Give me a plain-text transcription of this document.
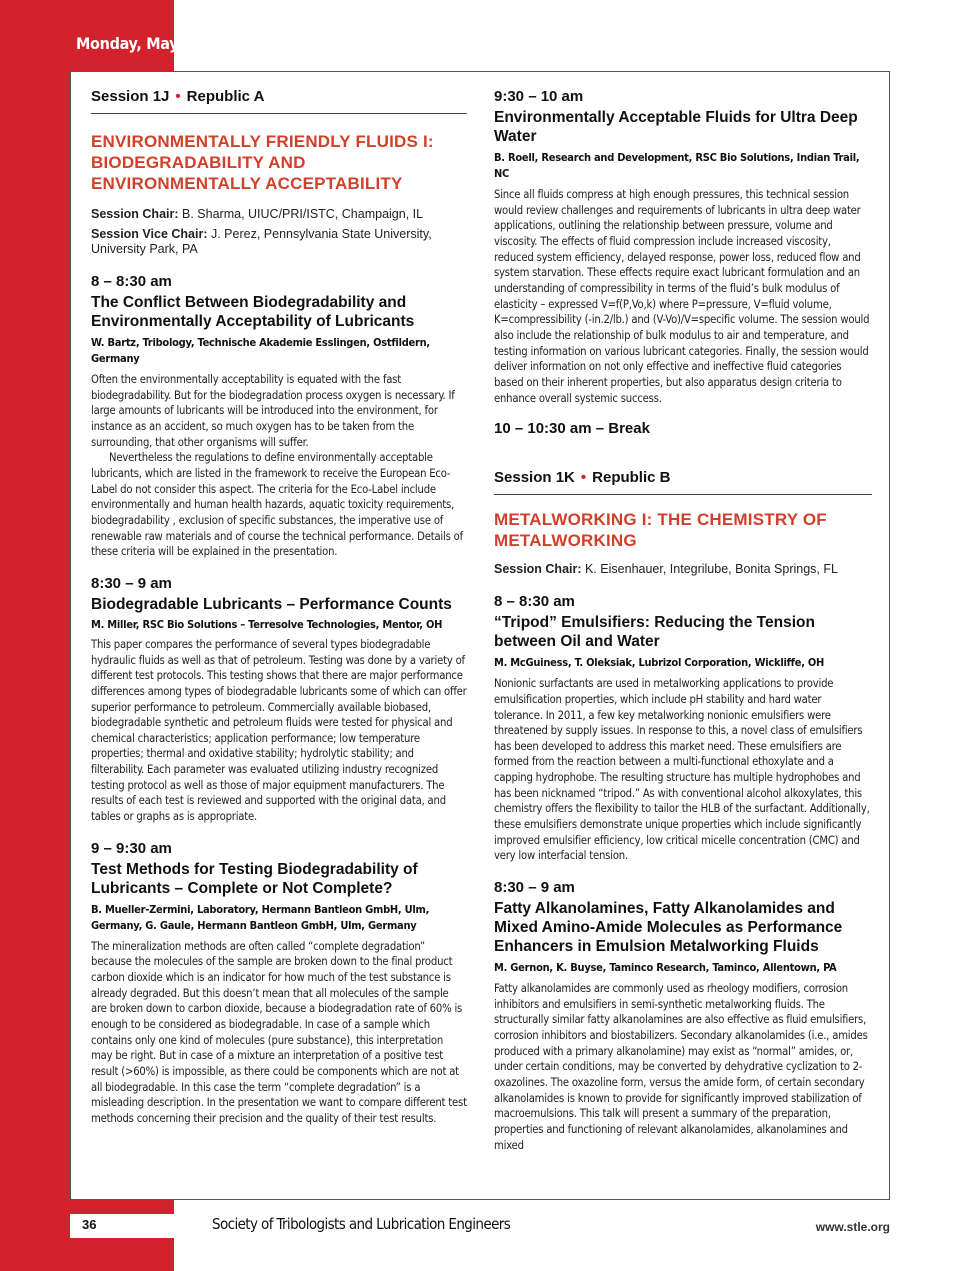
Monday, May 19
Session 1J • Republic A
ENVIRONMENTALLY FRIENDLY FLUIDS I: BIODEGRADABILITY AND ENVIRONMENTALLY ACCEPTABILITY
Session Chair: B. Sharma, UIUC/PRI/ISTC, Champaign, IL
Session Vice Chair: J. Perez, Pennsylvania State University, University Park, PA
8 – 8:30 am
The Conflict Between Biodegradability and Environmentally Acceptability of Lubricants
W. Bartz, Tribology, Technische Akademie Esslingen, Ostfildern, Germany

Often the environmentally acceptability is equated with the fast biodegradability. But for the biodegradation process oxygen is necessary. If large amounts of lubricants will be introduced into the environment, for instance as an accident, so much oxygen has to be taken from the surrounding, that other organisms will suffer.

Nevertheless the regulations to define environmentally acceptable lubricants, which are listed in the framework to receive the European Eco-Label do not consider this aspect. The criteria for the Eco-Label include environmentally and human health hazards, aquatic toxicity requirements, biodegradability , exclusion of specific substances, the imperative use of renewable raw materials and of course the technical performance. Details of these criteria will be explained in the presentation.

8:30 – 9 am
Biodegradable Lubricants – Performance Counts
M. Miller, RSC Bio Solutions – Terresolve Technologies, Mentor, OH

This paper compares the performance of several types biodegradable hydraulic fluids as well as that of petroleum. Testing was done by a variety of different test protocols. This testing shows that there are major performance differences among types of biodegradable lubricants some of which can offer superior performance to petroleum. Commercially available biobased, biodegradable synthetic and petroleum fluids were tested for physical and chemical characteristics; application performance; low temperature properties; thermal and oxidative stability; hydrolytic stability; and filterability. Each parameter was evaluated utilizing industry recognized testing protocol as well as those of major equipment manufacturers. The results of each test is reviewed and supported with the original data, and tables or graphs as is appropriate.

9 – 9:30 am
Test Methods for Testing Biodegradability of Lubricants – Complete or Not Complete?
B. Mueller-Zermini, Laboratory, Hermann Bantleon GmbH, Ulm, Germany, G. Gaule, Hermann Bantleon GmbH, Ulm, Germany

The mineralization methods are often called “complete degradation” because the molecules of the sample are broken down to the final product carbon dioxide which is an indicator for how much of the test substance is already degraded. But this doesn’t mean that all molecules of the sample are broken down to carbon dioxide, because a biodegradation rate of 60% is enough to be considered as biodegradable. In case of a sample which contains only one kind of molecules (pure substance), this interpretation may be right. But in case of a mixture an interpretation of a positive test result (>60%) is impossible, as there could be components which are not at all biodegradable. In this case the term “complete degradation” is a misleading description. In the presentation we want to compare different test methods concerning their precision and the quality of their test results.

9:30 – 10 am
Environmentally Acceptable Fluids for Ultra Deep Water
B. Roell, Research and Development, RSC Bio Solutions, Indian Trail, NC

Since all fluids compress at high enough pressures, this technical session would review challenges and requirements of lubricants in ultra deep water applications, outlining the relationship between pressure, volume and viscosity. The effects of fluid compression include increased viscosity, reduced system efficiency, delayed response, power loss, reduced flow and system starvation. These effects require exact lubricant formulation and an understanding of compressibility in terms of the fluid’s bulk modulus of elasticity – expressed V=f(P,Vo,k) where P=pressure, V=fluid volume, K=compressibility (-in.2/lb.) and (V-Vo)/V=specific volume. The session would also include the relationship of bulk modulus to air and temperature, and testing information on various lubricant categories. Finally, the session would deliver information on not only effective and ineffective fluid categories based on their inherent properties, but also apparatus design criteria to enhance overall systemic success.

10 – 10:30 am – Break
Session 1K • Republic B
METALWORKING I: THE CHEMISTRY OF METALWORKING
Session Chair: K. Eisenhauer, Integrilube, Bonita Springs, FL
8 – 8:30 am
“Tripod” Emulsifiers: Reducing the Tension between Oil and Water
M. McGuiness, T. Oleksiak, Lubrizol Corporation, Wickliffe, OH

Nonionic surfactants are used in metalworking applications to provide emulsification properties, which include pH stability and hard water tolerance. In 2011, a few key metalworking nonionic emulsifiers were threatened by supply issues. In response to this, a novel class of emulsifiers has been developed to address this market need. These emulsifiers are formed from the reaction between a multi-functional ethoxylate and a capping hydrophobe. The resulting structure has multiple hydrophobes and has been nicknamed “tripod.” As with conventional alcohol alkoxylates, this chemistry offers the flexibility to tailor the HLB of the surfactant. Additionally, these emulsifiers demonstrate unique properties which include significantly improved emulsifier efficiency, low critical micelle concentration (CMC) and very low interfacial tension.

8:30 – 9 am
Fatty Alkanolamines, Fatty Alkanolamides and Mixed Amino-Amide Molecules as Performance Enhancers in Emulsion Metalworking Fluids
M. Gernon, K. Buyse, Taminco Research, Taminco, Allentown, PA

Fatty alkanolamides are commonly used as rheology modifiers, corrosion inhibitors and emulsifiers in semi-synthetic metalworking fluids. The structurally similar fatty alkanolamines are also effective as fluid emulsifiers, corrosion inhibitors and biostabilizers. Secondary alkanolamides (i.e., amides produced with a primary alkanolamine) may exist as “normal” amides, or, under certain conditions, may be converted by dehydrative cyclization to 2-oxazolines. The oxazoline form, versus the amide form, of certain secondary alkanolamides is known to provide for significantly improved stabilization of macroemulsions. This talk will present a summary of the preparation, properties and functioning of relevant alkanolamides, alkanolamines and mixed

36	Society of Tribologists and Lubrication Engineers	www.stle.org
